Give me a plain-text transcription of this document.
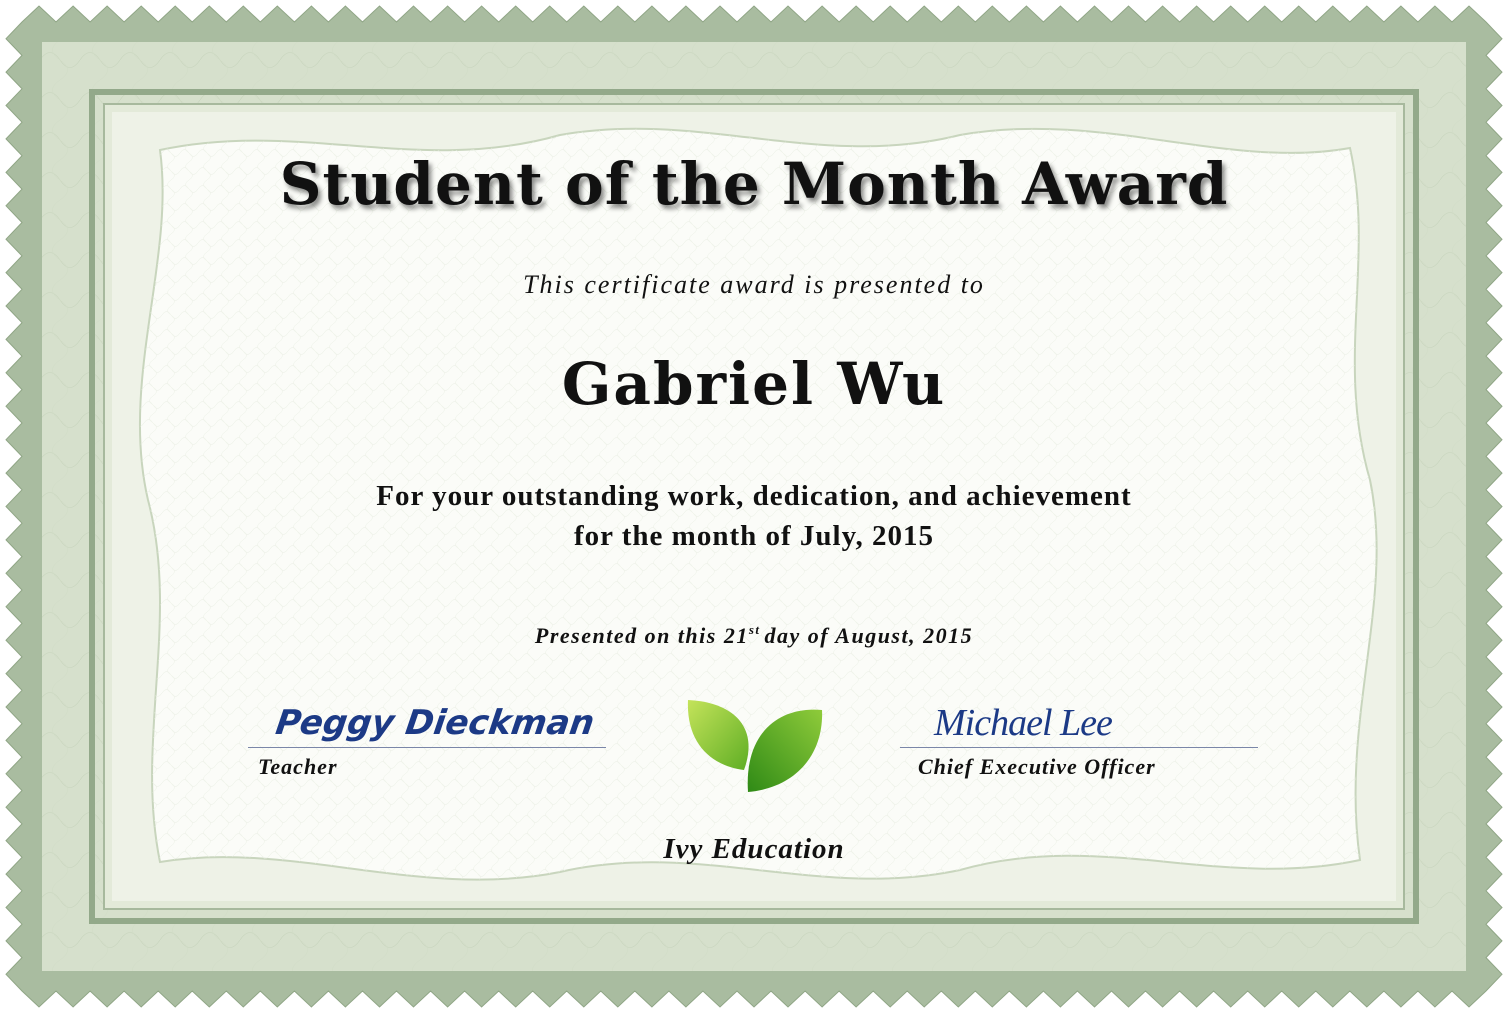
Student of the Month Award
This certificate award is presented to
Gabriel Wu
For your outstanding work, dedication, and achievement
for the month of July, 2015
Presented on this 21st day of August, 2015
Peggy Dieckman
Teacher
Michael Lee
Chief Executive Officer
Ivy Education
